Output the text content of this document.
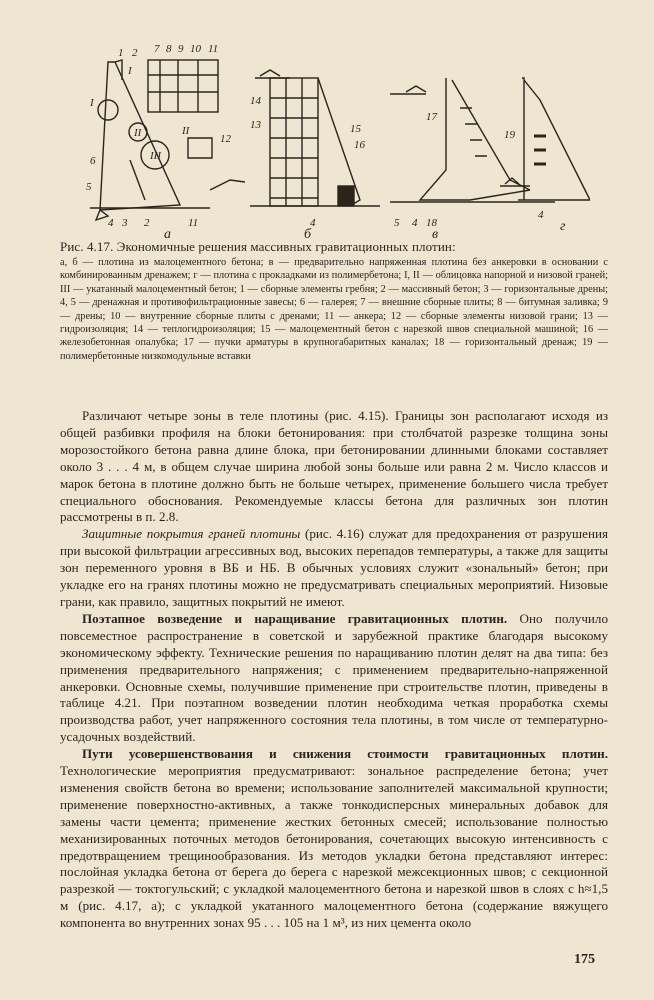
1 2
I
I
II
III
II
6
5
4 3 2	11
7 8 9 10 11
12
14
13	15
16
4
17
5 4 18
4
19
а	б	в
г
Рис. 4.17. Экономичные решения массивных гравитационных плотин:
а, б — плотина из малоцементного бетона; в — предварительно напряженная плотина без анкеровки в основании с комбинированным дренажем; г — плотина с прокладками из полимербетона; I, II — облицовка напорной и низовой граней; III — укатанный малоцементный бетон; 1 — сборные элементы гребня; 2 — массивный бетон; 3 — горизонтальные дрены; 4, 5 — дренажная и противофильтрационные завесы; 6 — галерея; 7 — внешние сборные плиты; 8 — битумная заливка; 9 — дрены; 10 — внутренние сборные плиты с дренами; 11 — анкера; 12 — сборные элементы низовой грани; 13 — гидроизоляция; 14 — теплогидроизоляция; 15 — малоцементный бетон с нарезкой швов специальной машиной; 16 — железобетонная опалубка; 17 — пучки арматуры в крупногабаритных каналах; 18 — горизонтальный дренаж; 19 — полимербетонные низкомодульные вставки

Различают четыре зоны в теле плотины (рис. 4.15). Границы зон располагают исходя из общей разбивки профиля на блоки бетонирования: при столбчатой разрезке толщина зоны морозостойкого бетона равна длине блока, при бетонировании длинными блоками составляет около 3 . . . 4 м, в общем случае ширина любой зоны больше или равна 2 м. Число классов и марок бетона в плотине должно быть не больше четырех, применение большего числа требует специального обоснования. Рекомендуемые классы бетона для различных зон плотин рассмотрены в п. 2.8.

Защитные покрытия граней плотины (рис. 4.16) служат для предохранения от разрушения при высокой фильтрации агрессивных вод, высоких перепадов температуры, а также для защиты зон переменного уровня в ВБ и НБ. В обычных условиях служит «зональный» бетон; при укладке его на гранях плотины можно не предусматривать специальных мероприятий. Низовые грани, как правило, защитных покрытий не имеют.

Поэтапное возведение и наращивание гравитационных плотин. Оно получило повсеместное распространение в советской и зарубежной практике благодаря высокому экономическому эффекту. Технические решения по наращиванию плотин делят на два типа: без применения предварительного напряжения; с применением предварительно-напряженной анкеровки. Основные схемы, получившие применение при строительстве плотин, приведены в таблице 4.21. При поэтапном возведении плотин необходима четкая проработка схемы производства работ, учет напряженного состояния тела плотины, в том числе от температурно-усадочных воздействий.

Пути усовершенствования и снижения стоимости гравитационных плотин. Технологические мероприятия предусматривают: зональное распределение бетона; учет изменения свойств бетона во времени; использование заполнителей максимальной крупности; применение поверхностно-активных, а также тонкодисперсных минеральных добавок для замены части цемента; применение жестких бетонных смесей; использование полностью механизированных поточных методов бетонирования, сочетающих высокую интенсивность с предотвращением трещинообразования. Из методов укладки бетона представляют интерес: послойная укладка бетона от берега до берега с нарезкой межсекционных швов; с секционной разрезкой — токтогульский; с укладкой малоцементного бетона и нарезкой швов в слоях с h≈1,5 м (рис. 4.17, а); с укладкой укатанного малоцементного бетона (содержание вяжущего компонента во внутренних зонах 95 . . . 105 на 1 м³, из них цемента около

175
